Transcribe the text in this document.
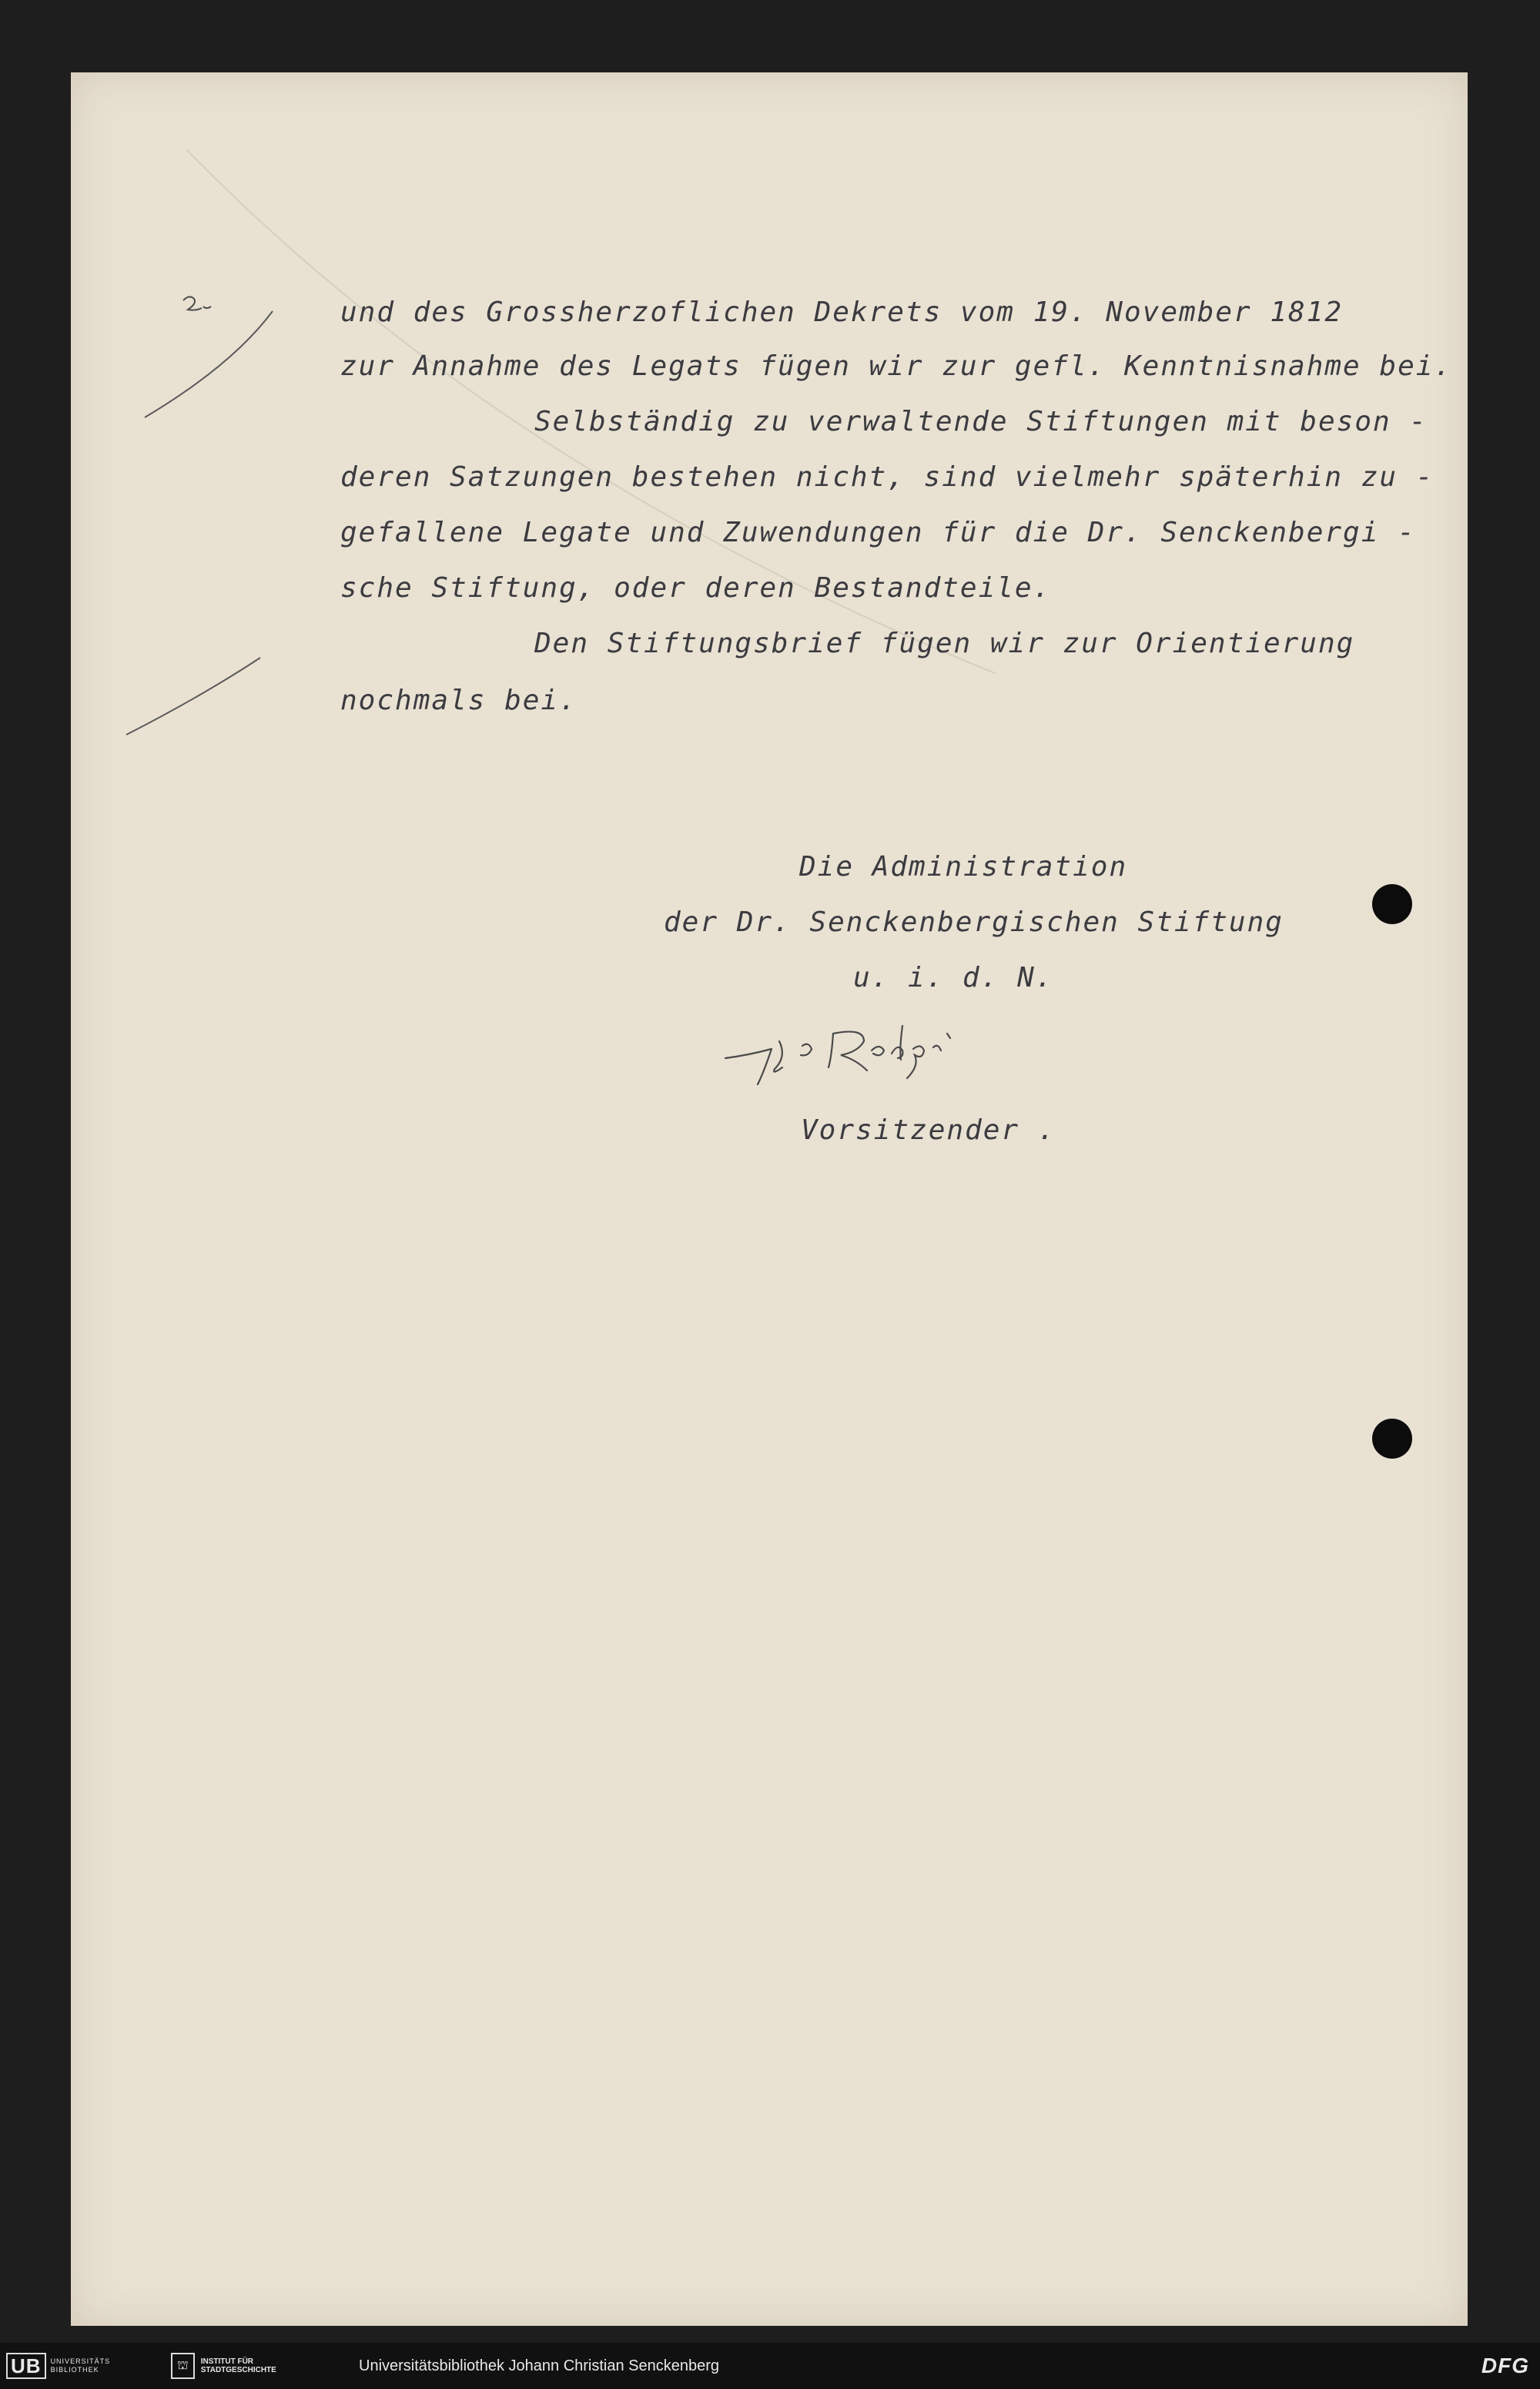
und des Grossherzoflichen Dekrets vom 19. November 1812
zur Annahme des Legats fügen wir zur gefl. Kenntnisnahme bei.
Selbständig zu verwaltende Stiftungen mit beson -
deren Satzungen bestehen nicht, sind vielmehr späterhin zu -
gefallene Legate und Zuwendungen für die Dr. Senckenbergi -
sche Stiftung, oder deren Bestandteile.
Den Stiftungsbrief fügen wir zur Orientierung
nochmals bei.
Die Administration
der Dr. Senckenbergischen Stiftung
u. i. d. N.
Vorsitzender .
UB	UNIVERSITÄTS BIBLIOTHEK	⛫	INSTITUT FÜR STADTGESCHICHTE	Universitätsbibliothek Johann Christian Senckenberg	DFG
